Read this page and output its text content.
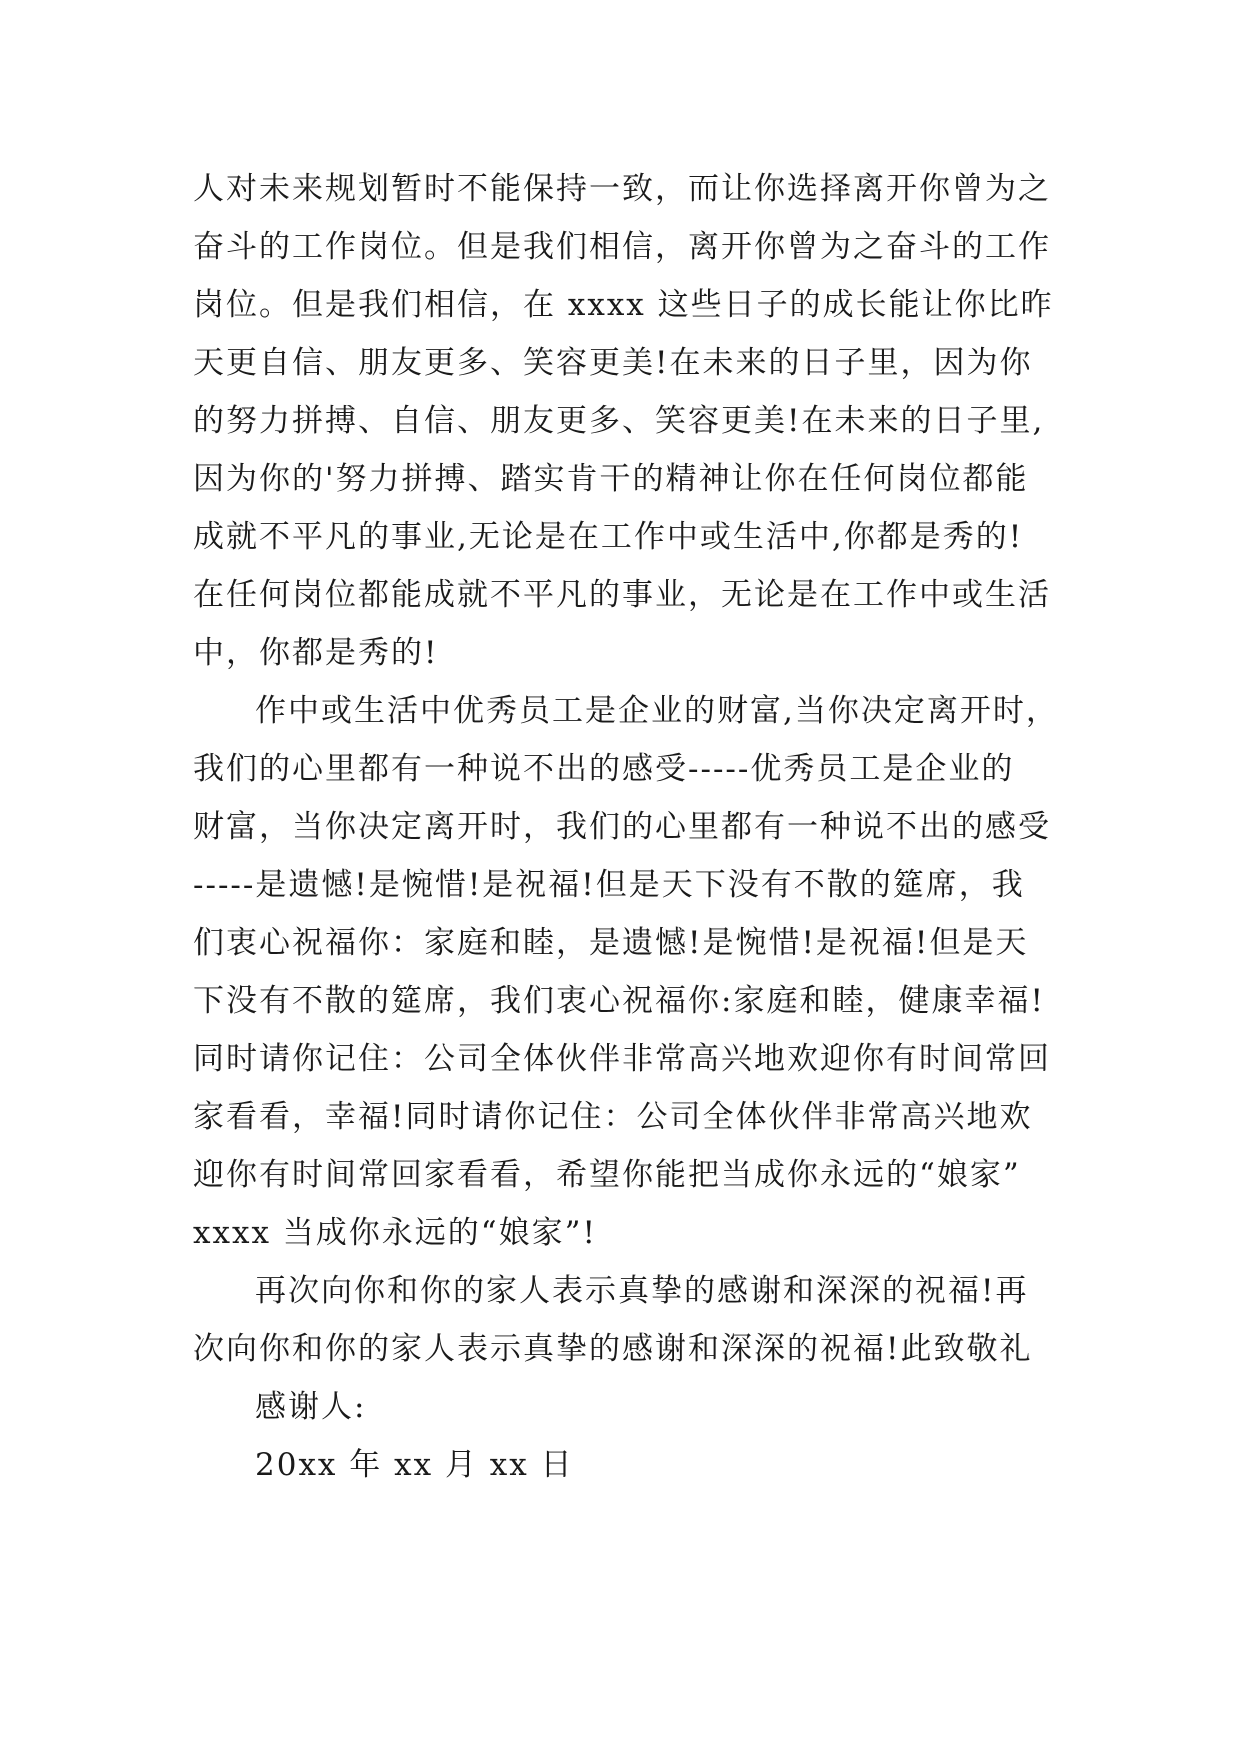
人对未来规划暂时不能保持一致，而让你选择离开你曾为之
奋斗的工作岗位。但是我们相信，离开你曾为之奋斗的工作
岗位。但是我们相信，在 xxxx 这些日子的成长能让你比昨
天更自信、朋友更多、笑容更美!在未来的日子里，因为你
的努力拼搏、自信、朋友更多、笑容更美!在未来的日子里,
因为你的'努力拼搏、踏实肯干的精神让你在任何岗位都能
成就不平凡的事业,无论是在工作中或生活中,你都是秀的!
在任何岗位都能成就不平凡的事业，无论是在工作中或生活
中，你都是秀的!
作中或生活中优秀员工是企业的财富,当你决定离开时，
我们的心里都有一种说不出的感受-----优秀员工是企业的
财富，当你决定离开时，我们的心里都有一种说不出的感受
-----是遗憾!是惋惜!是祝福!但是天下没有不散的筵席，我
们衷心祝福你：家庭和睦，是遗憾!是惋惜!是祝福!但是天
下没有不散的筵席，我们衷心祝福你:家庭和睦，健康幸福!
同时请你记住：公司全体伙伴非常高兴地欢迎你有时间常回
家看看，幸福!同时请你记住：公司全体伙伴非常高兴地欢
迎你有时间常回家看看，希望你能把当成你永远的“娘家”
xxxx 当成你永远的“娘家”!
再次向你和你的家人表示真挚的感谢和深深的祝福!再
次向你和你的家人表示真挚的感谢和深深的祝福!此致敬礼
感谢人:
20xx 年 xx 月 xx 日
